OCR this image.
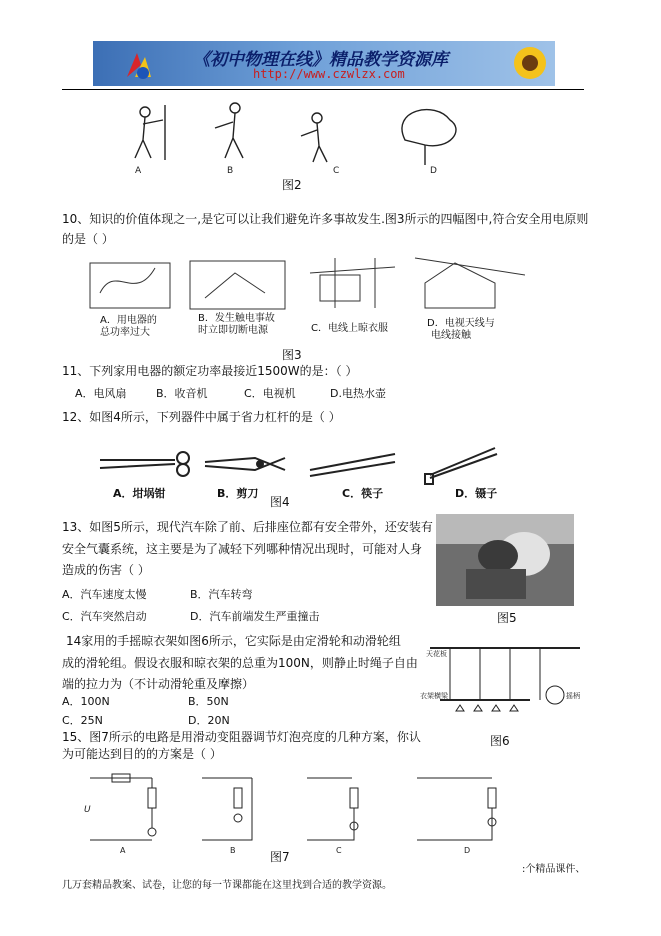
《初中物理在线》精品教学资源库
http://www.czwlzx.com
A	B	C	D
图2
10、知识的价值体现之一,是它可以让我们避免许多事故发生.图3所示的四幅图中,符合安全用电原则
的是（ ）
A．用电器的
总功率过大
B．发生触电事故
时立即切断电源	C．电线上晾衣服	D．电视天线与
电线接触
图3
11、下列家用电器的额定功率最接近1500W的是：（ ）
A．电风扇	B．收音机	C．电视机	D.电热水壶
12、如图4所示，下列器件中属于省力杠杆的是（ ）
A．坩埚钳	B．剪刀	C．筷子	D．镊子
图4
13、如图5所示，现代汽车除了前、后排座位都有安全带外，还安装有
安全气囊系统，这主要是为了减轻下列哪种情况出现时，可能对人身
造成的伤害（ ）
A．汽车速度太慢	B．汽车转弯
C．汽车突然启动	D．汽车前端发生严重撞击	图5
14家用的手摇晾衣架如图6所示，它实际是由定滑轮和动滑轮组
成的滑轮组。假设衣服和晾衣架的总重为100N，则静止时绳子自由
端的拉力为（不计动滑轮重及摩擦）
A．100N	B．50N
C．25N	D．20N
天花板
衣架横梁	摇柄
图6
15、图7所示的电路是用滑动变阻器调节灯泡亮度的几种方案，你认
为可能达到目的的方案是（ ）
U
A	B	C	D
图7
:个精品课件、
几万套精品教案、试卷，让您的每一节课都能在这里找到合适的教学资源。
